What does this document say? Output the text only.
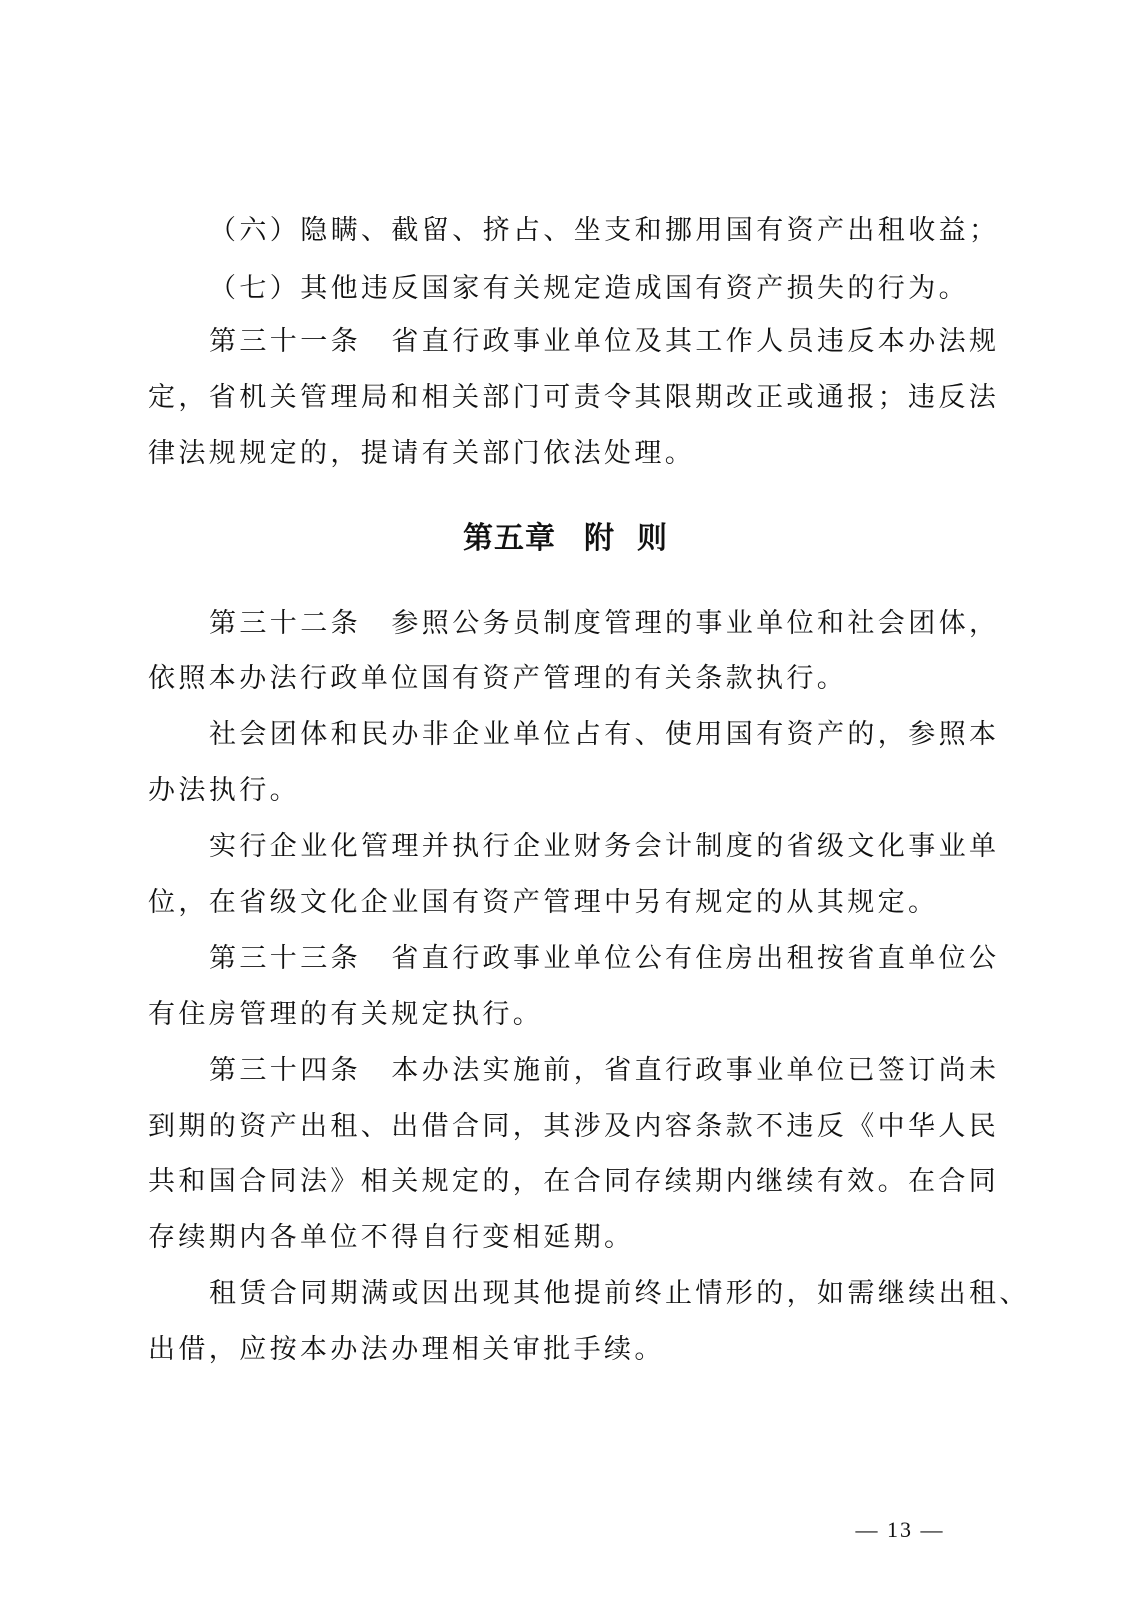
（六）隐瞒、截留、挤占、坐支和挪用国有资产出租收益；
（七）其他违反国家有关规定造成国有资产损失的行为。
第三十一条　省直行政事业单位及其工作人员违反本办法规
定，省机关管理局和相关部门可责令其限期改正或通报；违反法
律法规规定的，提请有关部门依法处理。
第五章 附 则
第三十二条　参照公务员制度管理的事业单位和社会团体，
依照本办法行政单位国有资产管理的有关条款执行。
社会团体和民办非企业单位占有、使用国有资产的，参照本
办法执行。
实行企业化管理并执行企业财务会计制度的省级文化事业单
位，在省级文化企业国有资产管理中另有规定的从其规定。
第三十三条　省直行政事业单位公有住房出租按省直单位公
有住房管理的有关规定执行。
第三十四条　本办法实施前，省直行政事业单位已签订尚未
到期的资产出租、出借合同，其涉及内容条款不违反《中华人民
共和国合同法》相关规定的，在合同存续期内继续有效。在合同
存续期内各单位不得自行变相延期。
租赁合同期满或因出现其他提前终止情形的，如需继续出租、
出借，应按本办法办理相关审批手续。
— 13 —
